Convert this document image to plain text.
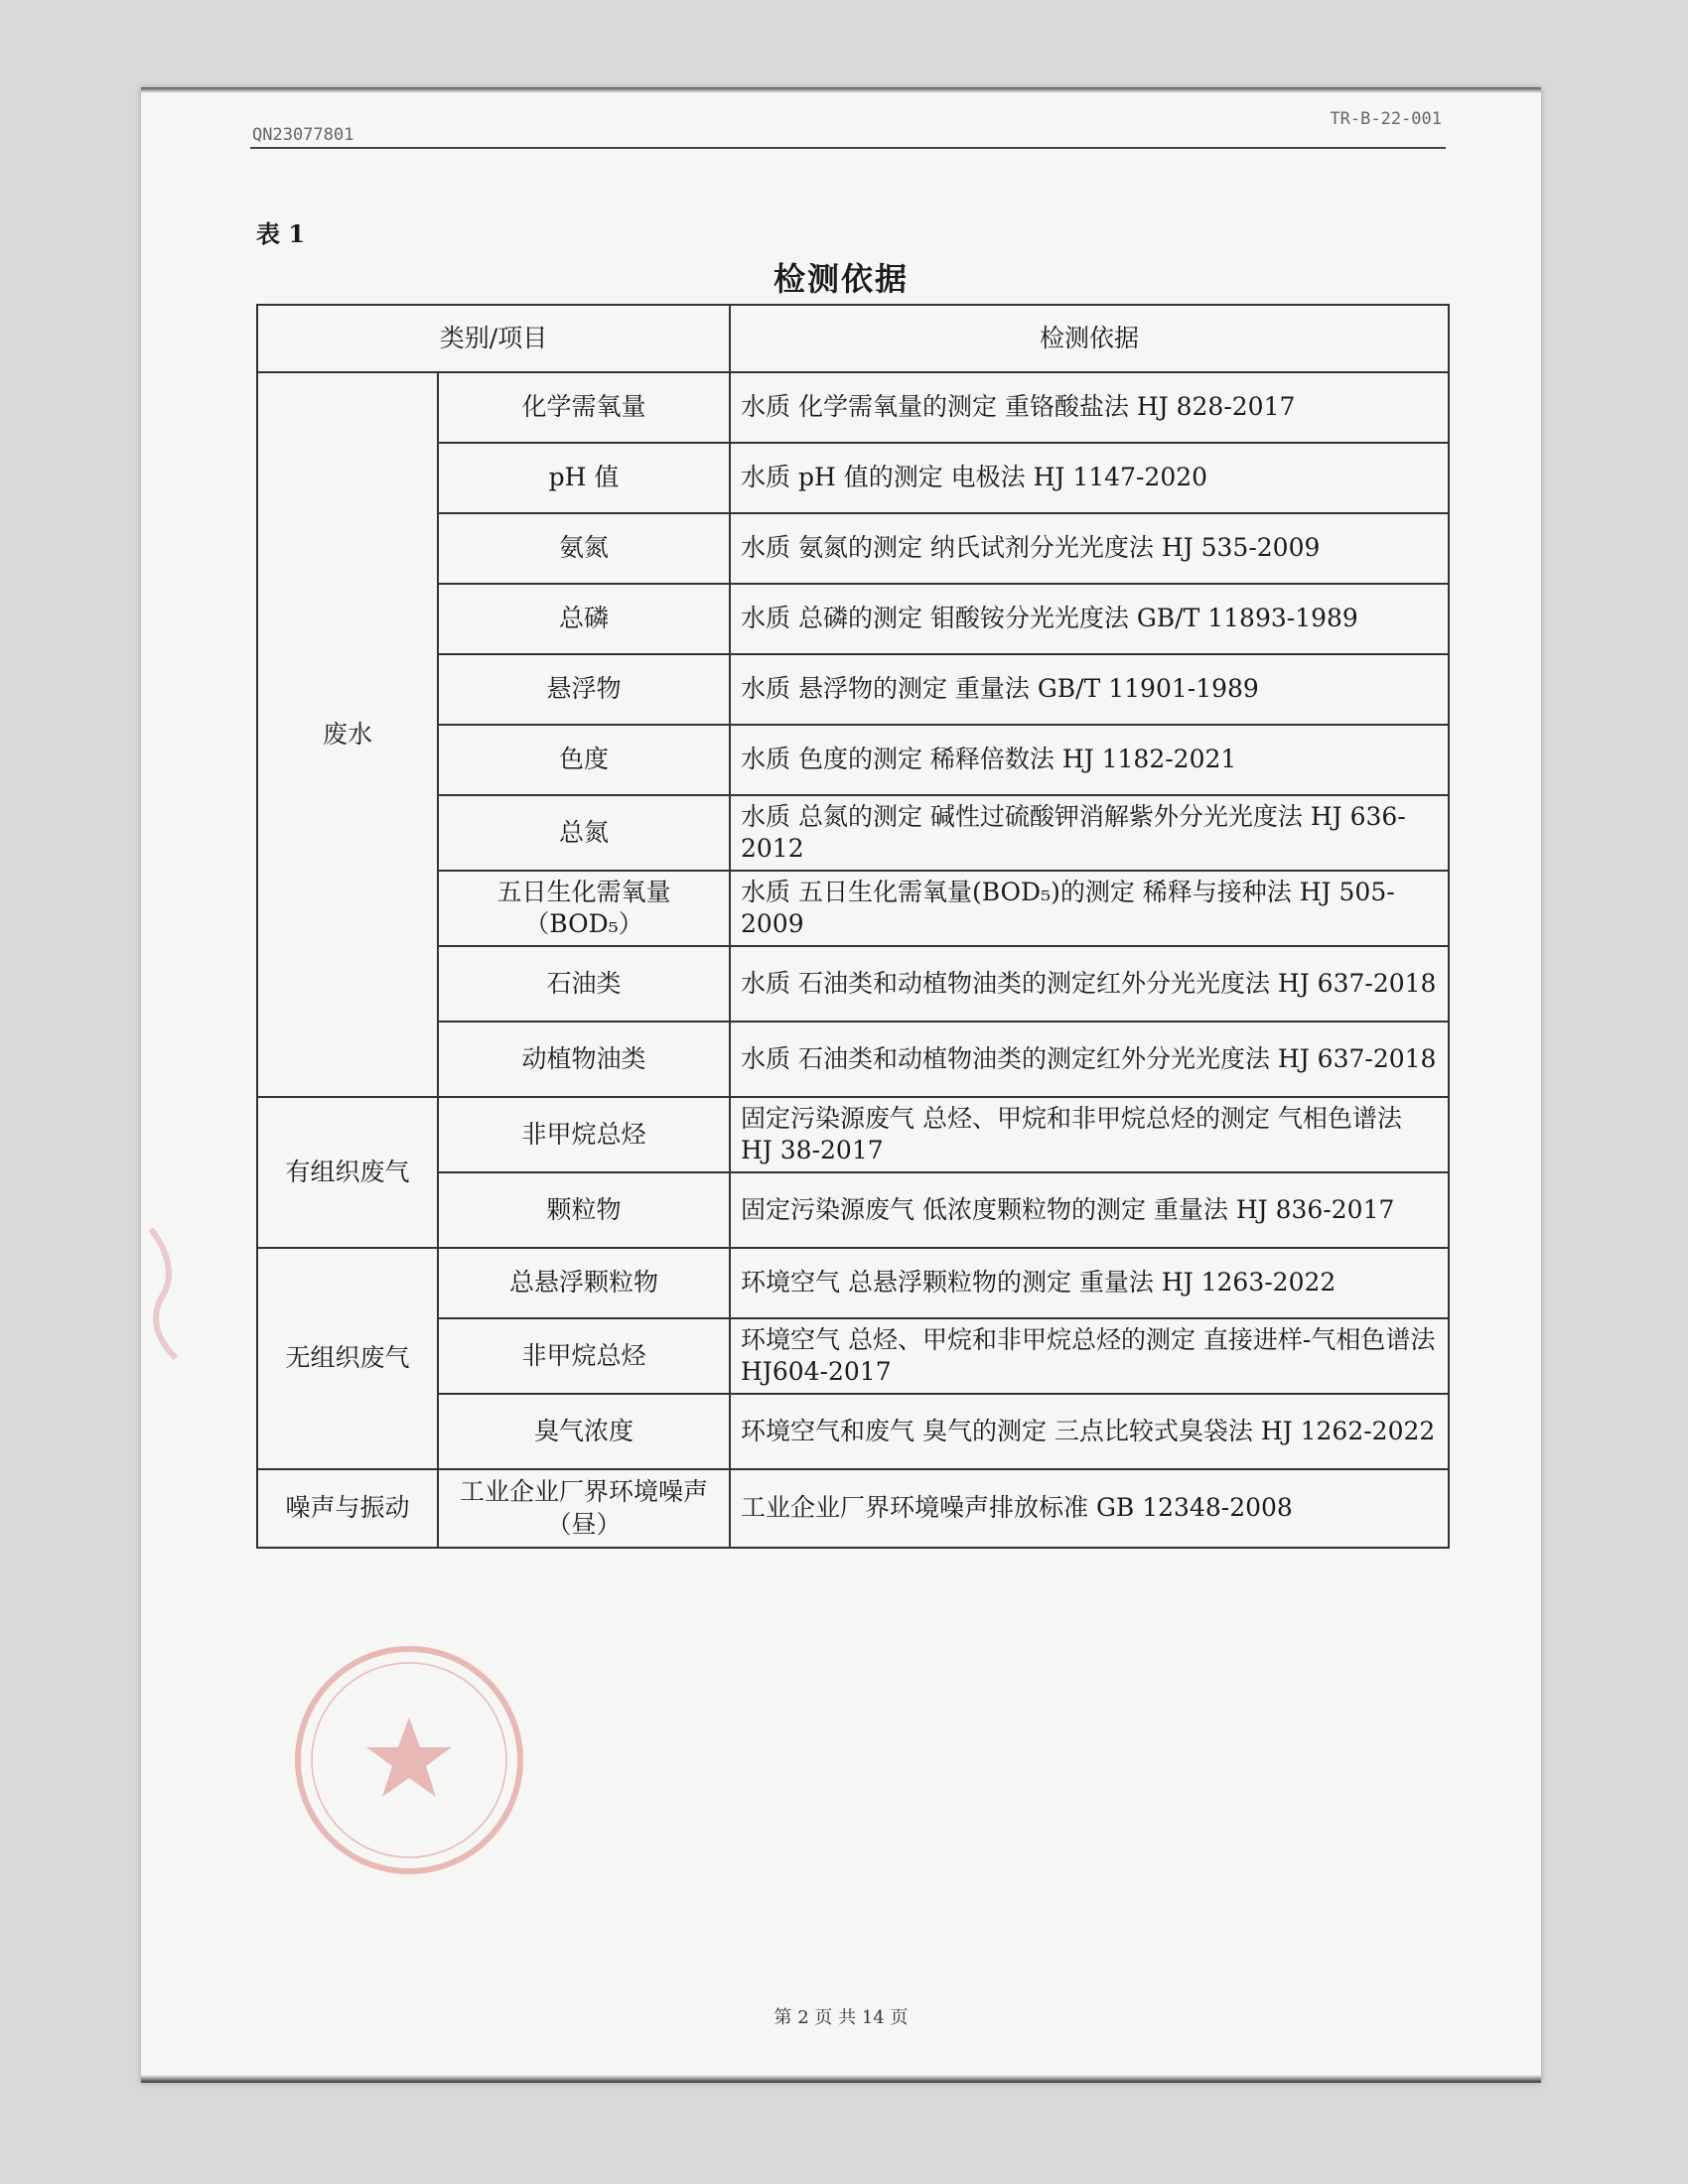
QN23077801
TR-B-22-001
表 1
检测依据
类别/项目		检测依据
废水	化学需氧量	水质 化学需氧量的测定 重铬酸盐法 HJ 828-2017
	pH 值	水质 pH 值的测定 电极法 HJ 1147-2020
	氨氮	水质 氨氮的测定 纳氏试剂分光光度法 HJ 535-2009
	总磷	水质 总磷的测定 钼酸铵分光光度法 GB/T 11893-1989
	悬浮物	水质 悬浮物的测定 重量法 GB/T 11901-1989
	色度	水质 色度的测定 稀释倍数法 HJ 1182-2021
	总氮	水质 总氮的测定 碱性过硫酸钾消解紫外分光光度法 HJ 636-2012
	五日生化需氧量（BOD₅）	水质 五日生化需氧量(BOD₅)的测定 稀释与接种法 HJ 505-2009
	石油类	水质 石油类和动植物油类的测定红外分光光度法 HJ 637-2018
	动植物油类	水质 石油类和动植物油类的测定红外分光光度法 HJ 637-2018
有组织废气	非甲烷总烃	固定污染源废气 总烃、甲烷和非甲烷总烃的测定 气相色谱法 HJ 38-2017
	颗粒物	固定污染源废气 低浓度颗粒物的测定 重量法 HJ 836-2017
无组织废气	总悬浮颗粒物	环境空气 总悬浮颗粒物的测定 重量法 HJ 1263-2022
	非甲烷总烃	环境空气 总烃、甲烷和非甲烷总烃的测定 直接进样-气相色谱法 HJ604-2017
	臭气浓度	环境空气和废气 臭气的测定 三点比较式臭袋法 HJ 1262-2022
噪声与振动	工业企业厂界环境噪声（昼）	工业企业厂界环境噪声排放标准 GB 12348-2008
第 2 页 共 14 页
